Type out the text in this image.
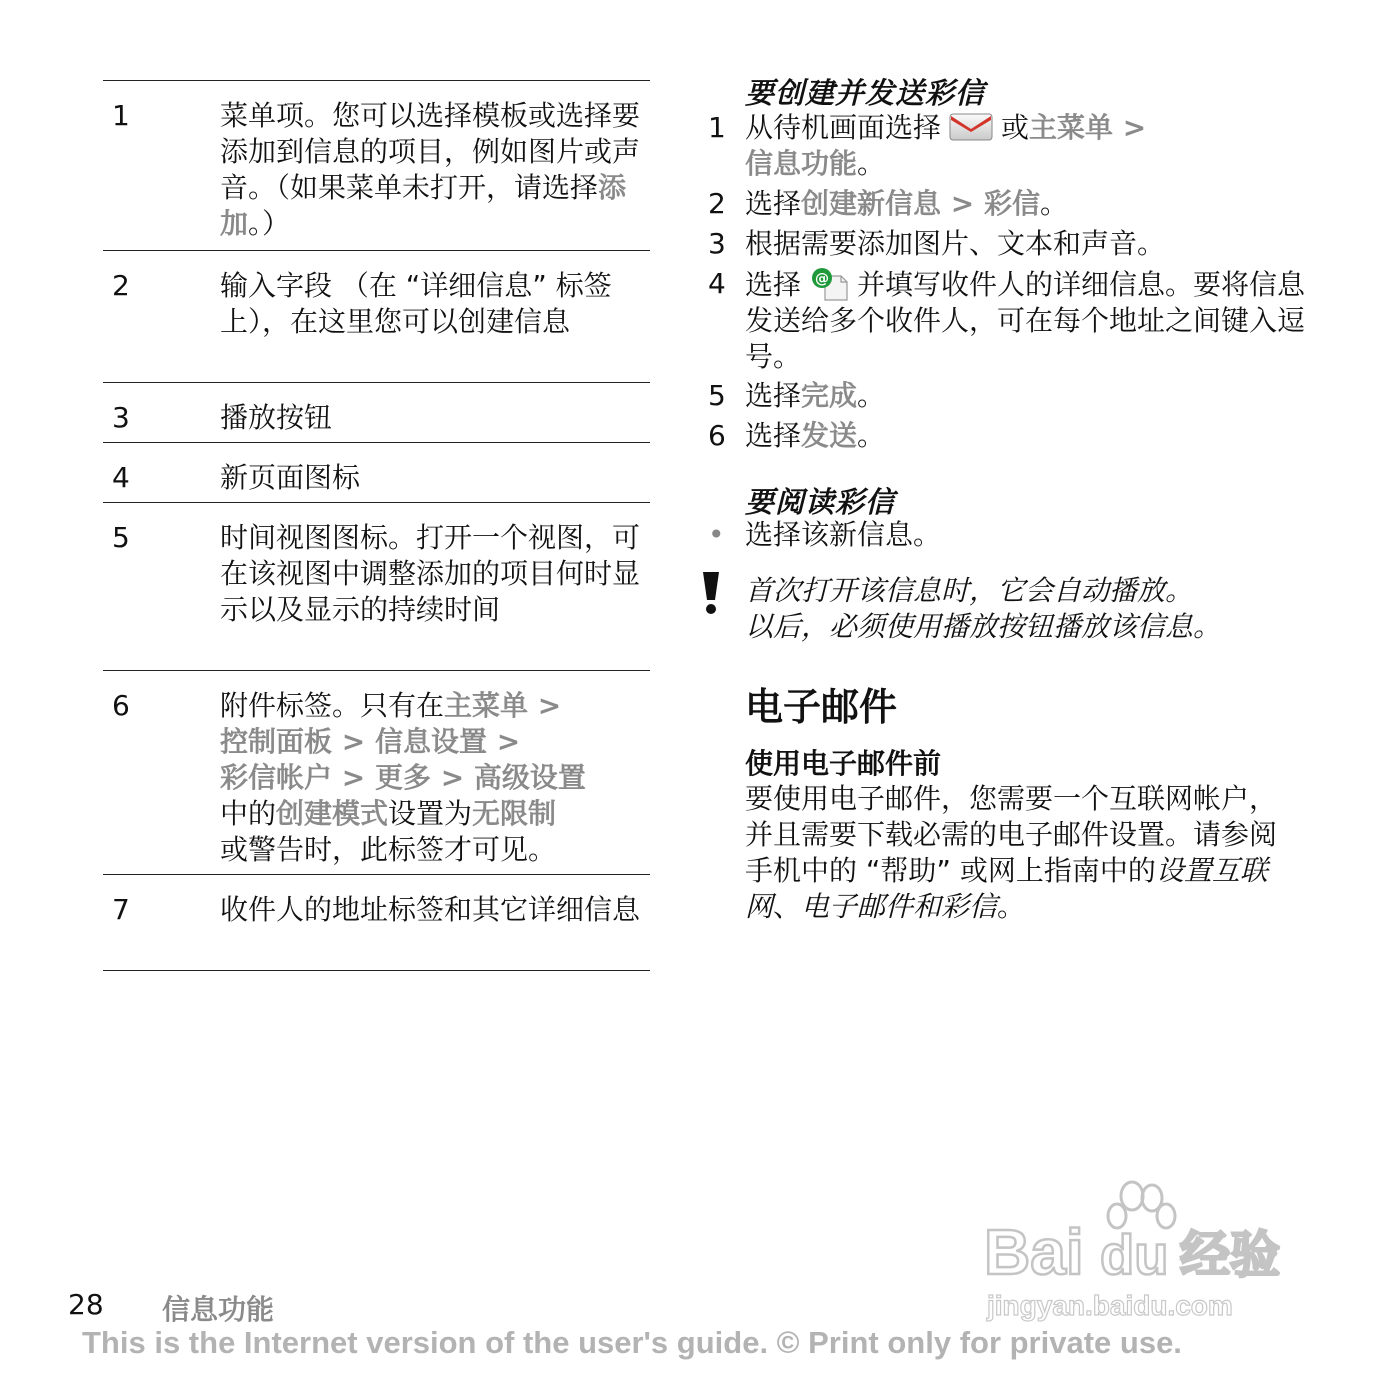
1	菜单项。您可以选择模板或选择要添加到信息的项目，例如图片或声音。（如果菜单未打开，请选择添加。）
2	输入字段 （在 “详细信息” 标签上），在这里您可以创建信息
3	播放按钮
4	新页面图标
5	时间视图图标。打开一个视图，可在该视图中调整添加的项目何时显示以及显示的持续时间
6	附件标签。只有在主菜单 >
控制面板 > 信息设置 >
彩信帐户 > 更多 > 高级设置
中的创建模式设置为无限制
或警告时，此标签才可见。
7	收件人的地址标签和其它详细信息
要创建并发送彩信
1 从待机画面选择 或主菜单 >
信息功能。
2 选择创建新信息 > 彩信。
3 根据需要添加图片、文本和声音。
4 选择 @ 并填写收件人的详细信息。要将信息发送给多个收件人，可在每个地址之间键入逗号。
5 选择完成。
6 选择发送。
要阅读彩信
• 选择该新信息。
首次打开该信息时，它会自动播放。
以后，必须使用播放按钮播放该信息。
电子邮件
使用电子邮件前
要使用电子邮件，您需要一个互联网帐户，并且需要下载必需的电子邮件设置。请参阅手机中的 “帮助” 或网上指南中的设置互联网、电子邮件和彩信。
Bai du 经验
jingyan.baidu.com
28 信息功能
This is the Internet version of the user's guide. © Print only for private use.
